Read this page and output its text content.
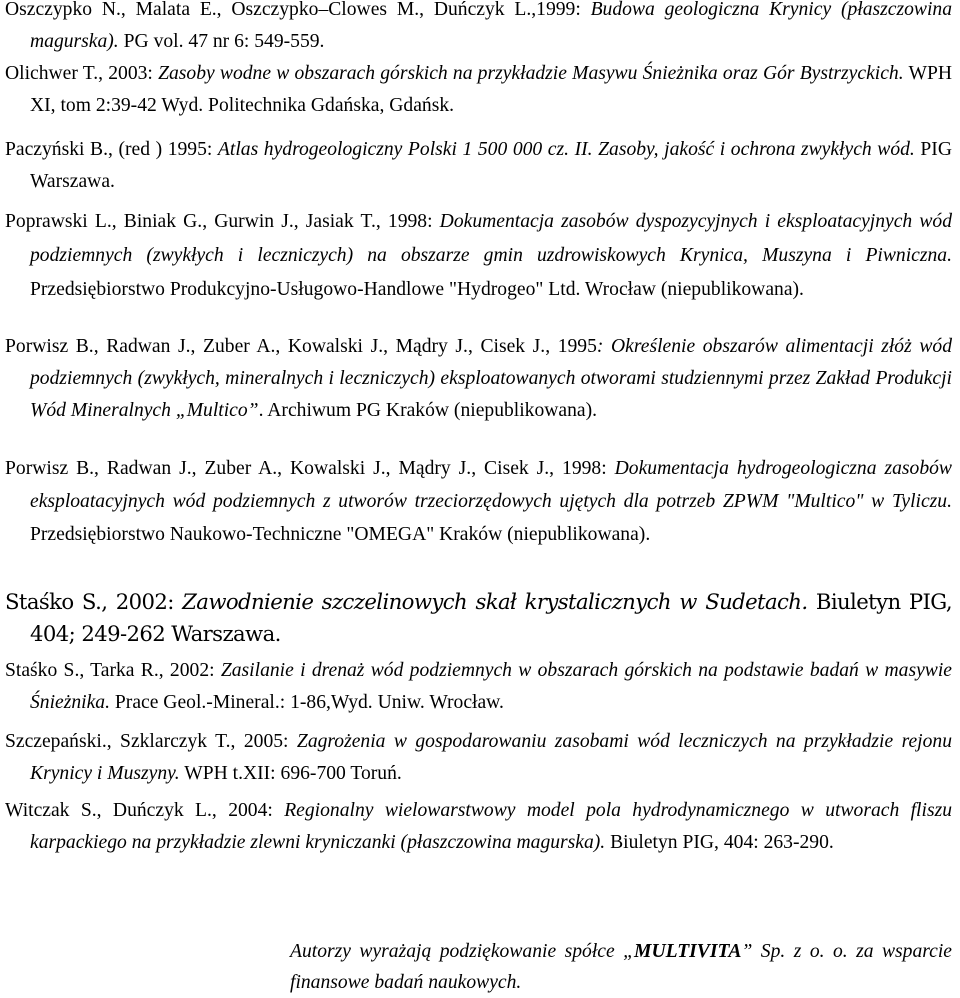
Oszczypko N., Malata E., Oszczypko–Clowes M., Duńczyk L.,1999: Budowa geologiczna Krynicy (płaszczowina magurska). PG vol. 47 nr 6: 549-559.

Olichwer T., 2003: Zasoby wodne w obszarach górskich na przykładzie Masywu Śnieżnika oraz Gór Bystrzyckich. WPH XI, tom 2:39-42 Wyd. Politechnika Gdańska, Gdańsk.

Paczyński B., (red ) 1995: Atlas hydrogeologiczny Polski 1 500 000 cz. II. Zasoby, jakość i ochrona zwykłych wód. PIG Warszawa.

Poprawski L., Biniak G., Gurwin J., Jasiak T., 1998: Dokumentacja zasobów dyspozycyjnych i eksploatacyjnych wód podziemnych (zwykłych i leczniczych) na obszarze gmin uzdrowiskowych Krynica, Muszyna i Piwniczna. Przedsiębiorstwo Produkcyjno-Usługowo-Handlowe "Hydrogeo" Ltd. Wrocław (niepublikowana).

Porwisz B., Radwan J., Zuber A., Kowalski J., Mądry J., Cisek J., 1995: Określenie obszarów alimentacji złóż wód podziemnych (zwykłych, mineralnych i leczniczych) eksploatowanych otworami studziennymi przez Zakład Produkcji Wód Mineralnych „Multico”. Archiwum PG Kraków (niepublikowana).

Porwisz B., Radwan J., Zuber A., Kowalski J., Mądry J., Cisek J., 1998: Dokumentacja hydrogeologiczna zasobów eksploatacyjnych wód podziemnych z utworów trzeciorzędowych ujętych dla potrzeb ZPWM "Multico" w Tyliczu. Przedsiębiorstwo Naukowo-Techniczne "OMEGA" Kraków (niepublikowana).

Staśko S., 2002: Zawodnienie szczelinowych skał krystalicznych w Sudetach. Biuletyn PIG, 404; 249-262 Warszawa.

Staśko S., Tarka R., 2002: Zasilanie i drenaż wód podziemnych w obszarach górskich na podstawie badań w masywie Śnieżnika. Prace Geol.-Mineral.: 1-86,Wyd. Uniw. Wrocław.

Szczepański., Szklarczyk T., 2005: Zagrożenia w gospodarowaniu zasobami wód leczniczych na przykładzie rejonu Krynicy i Muszyny. WPH t.XII: 696-700 Toruń.

Witczak S., Duńczyk L., 2004: Regionalny wielowarstwowy model pola hydrodynamicznego w utworach fliszu karpackiego na przykładzie zlewni kryniczanki (płaszczowina magurska). Biuletyn PIG, 404: 263-290.

Autorzy wyrażają podziękowanie spółce „MULTIVITA” Sp. z o. o. za wsparcie finansowe badań naukowych.
